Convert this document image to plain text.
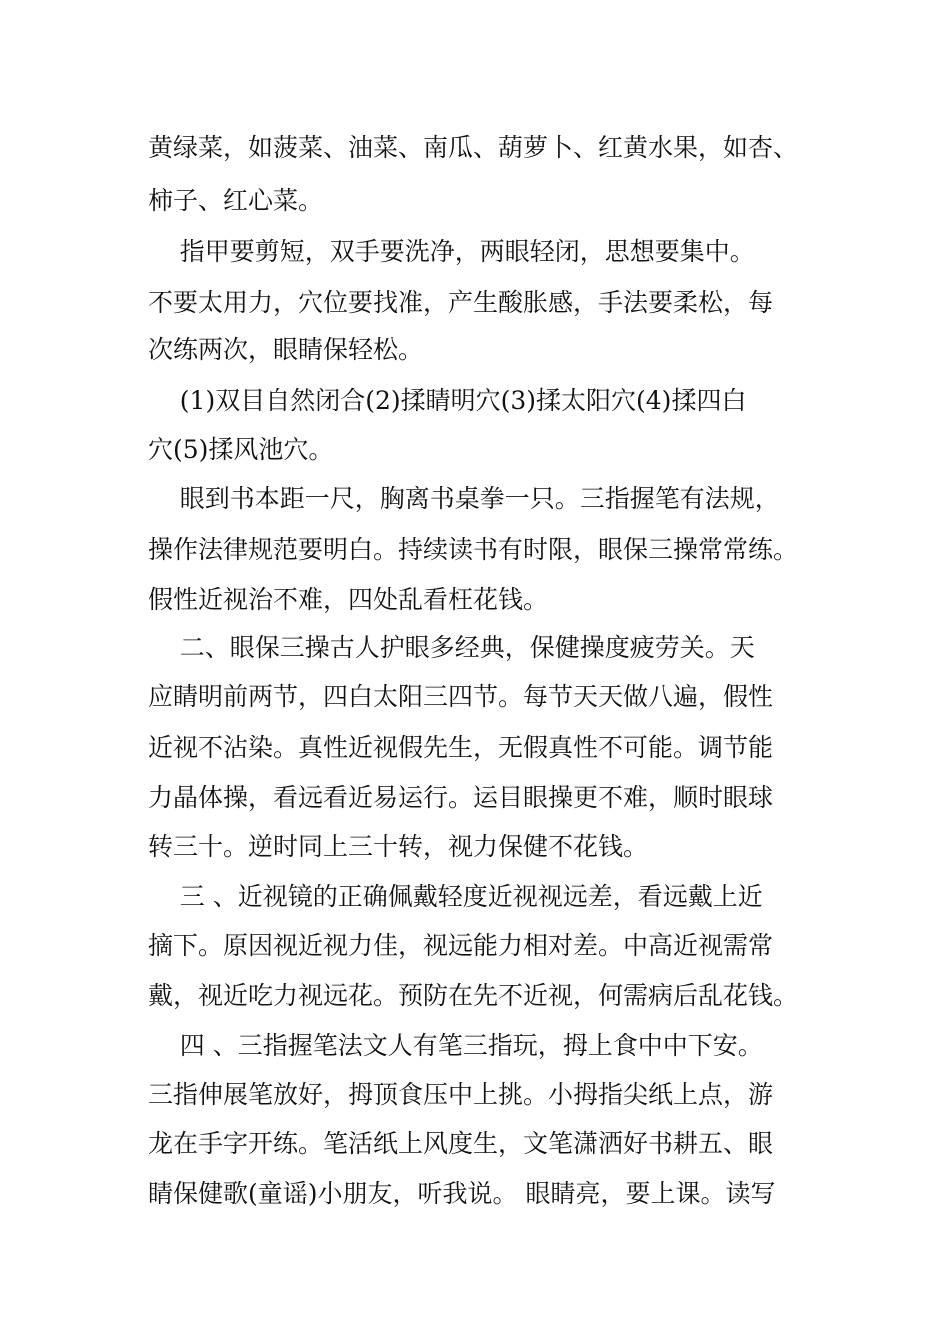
黄绿菜，如菠菜、油菜、南瓜、葫萝卜、红黄水果，如杏、
柿子、红心菜。
指甲要剪短，双手要洗净，两眼轻闭，思想要集中。
不要太用力，穴位要找准，产生酸胀感，手法要柔松，每
次练两次，眼睛保轻松。
(1)双目自然闭合(2)揉睛明穴(3)揉太阳穴(4)揉四白
穴(5)揉风池穴。
眼到书本距一尺，胸离书桌拳一只。三指握笔有法规，
操作法律规范要明白。持续读书有时限，眼保三操常常练。
假性近视治不难，四处乱看枉花钱。
二、眼保三操古人护眼多经典，保健操度疲劳关。天
应睛明前两节，四白太阳三四节。每节天天做八遍，假性
近视不沾染。真性近视假先生，无假真性不可能。调节能
力晶体操，看远看近易运行。运目眼操更不难，顺时眼球
转三十。逆时同上三十转，视力保健不花钱。
三 、近视镜的正确佩戴轻度近视视远差，看远戴上近
摘下。原因视近视力佳，视远能力相对差。中高近视需常
戴，视近吃力视远花。预防在先不近视，何需病后乱花钱。
四 、三指握笔法文人有笔三指玩，拇上食中中下安。
三指伸展笔放好，拇顶食压中上挑。小拇指尖纸上点，游
龙在手字开练。笔活纸上风度生，文笔潇洒好书耕五、眼
睛保健歌(童谣)小朋友，听我说。 眼睛亮，要上课。读写
